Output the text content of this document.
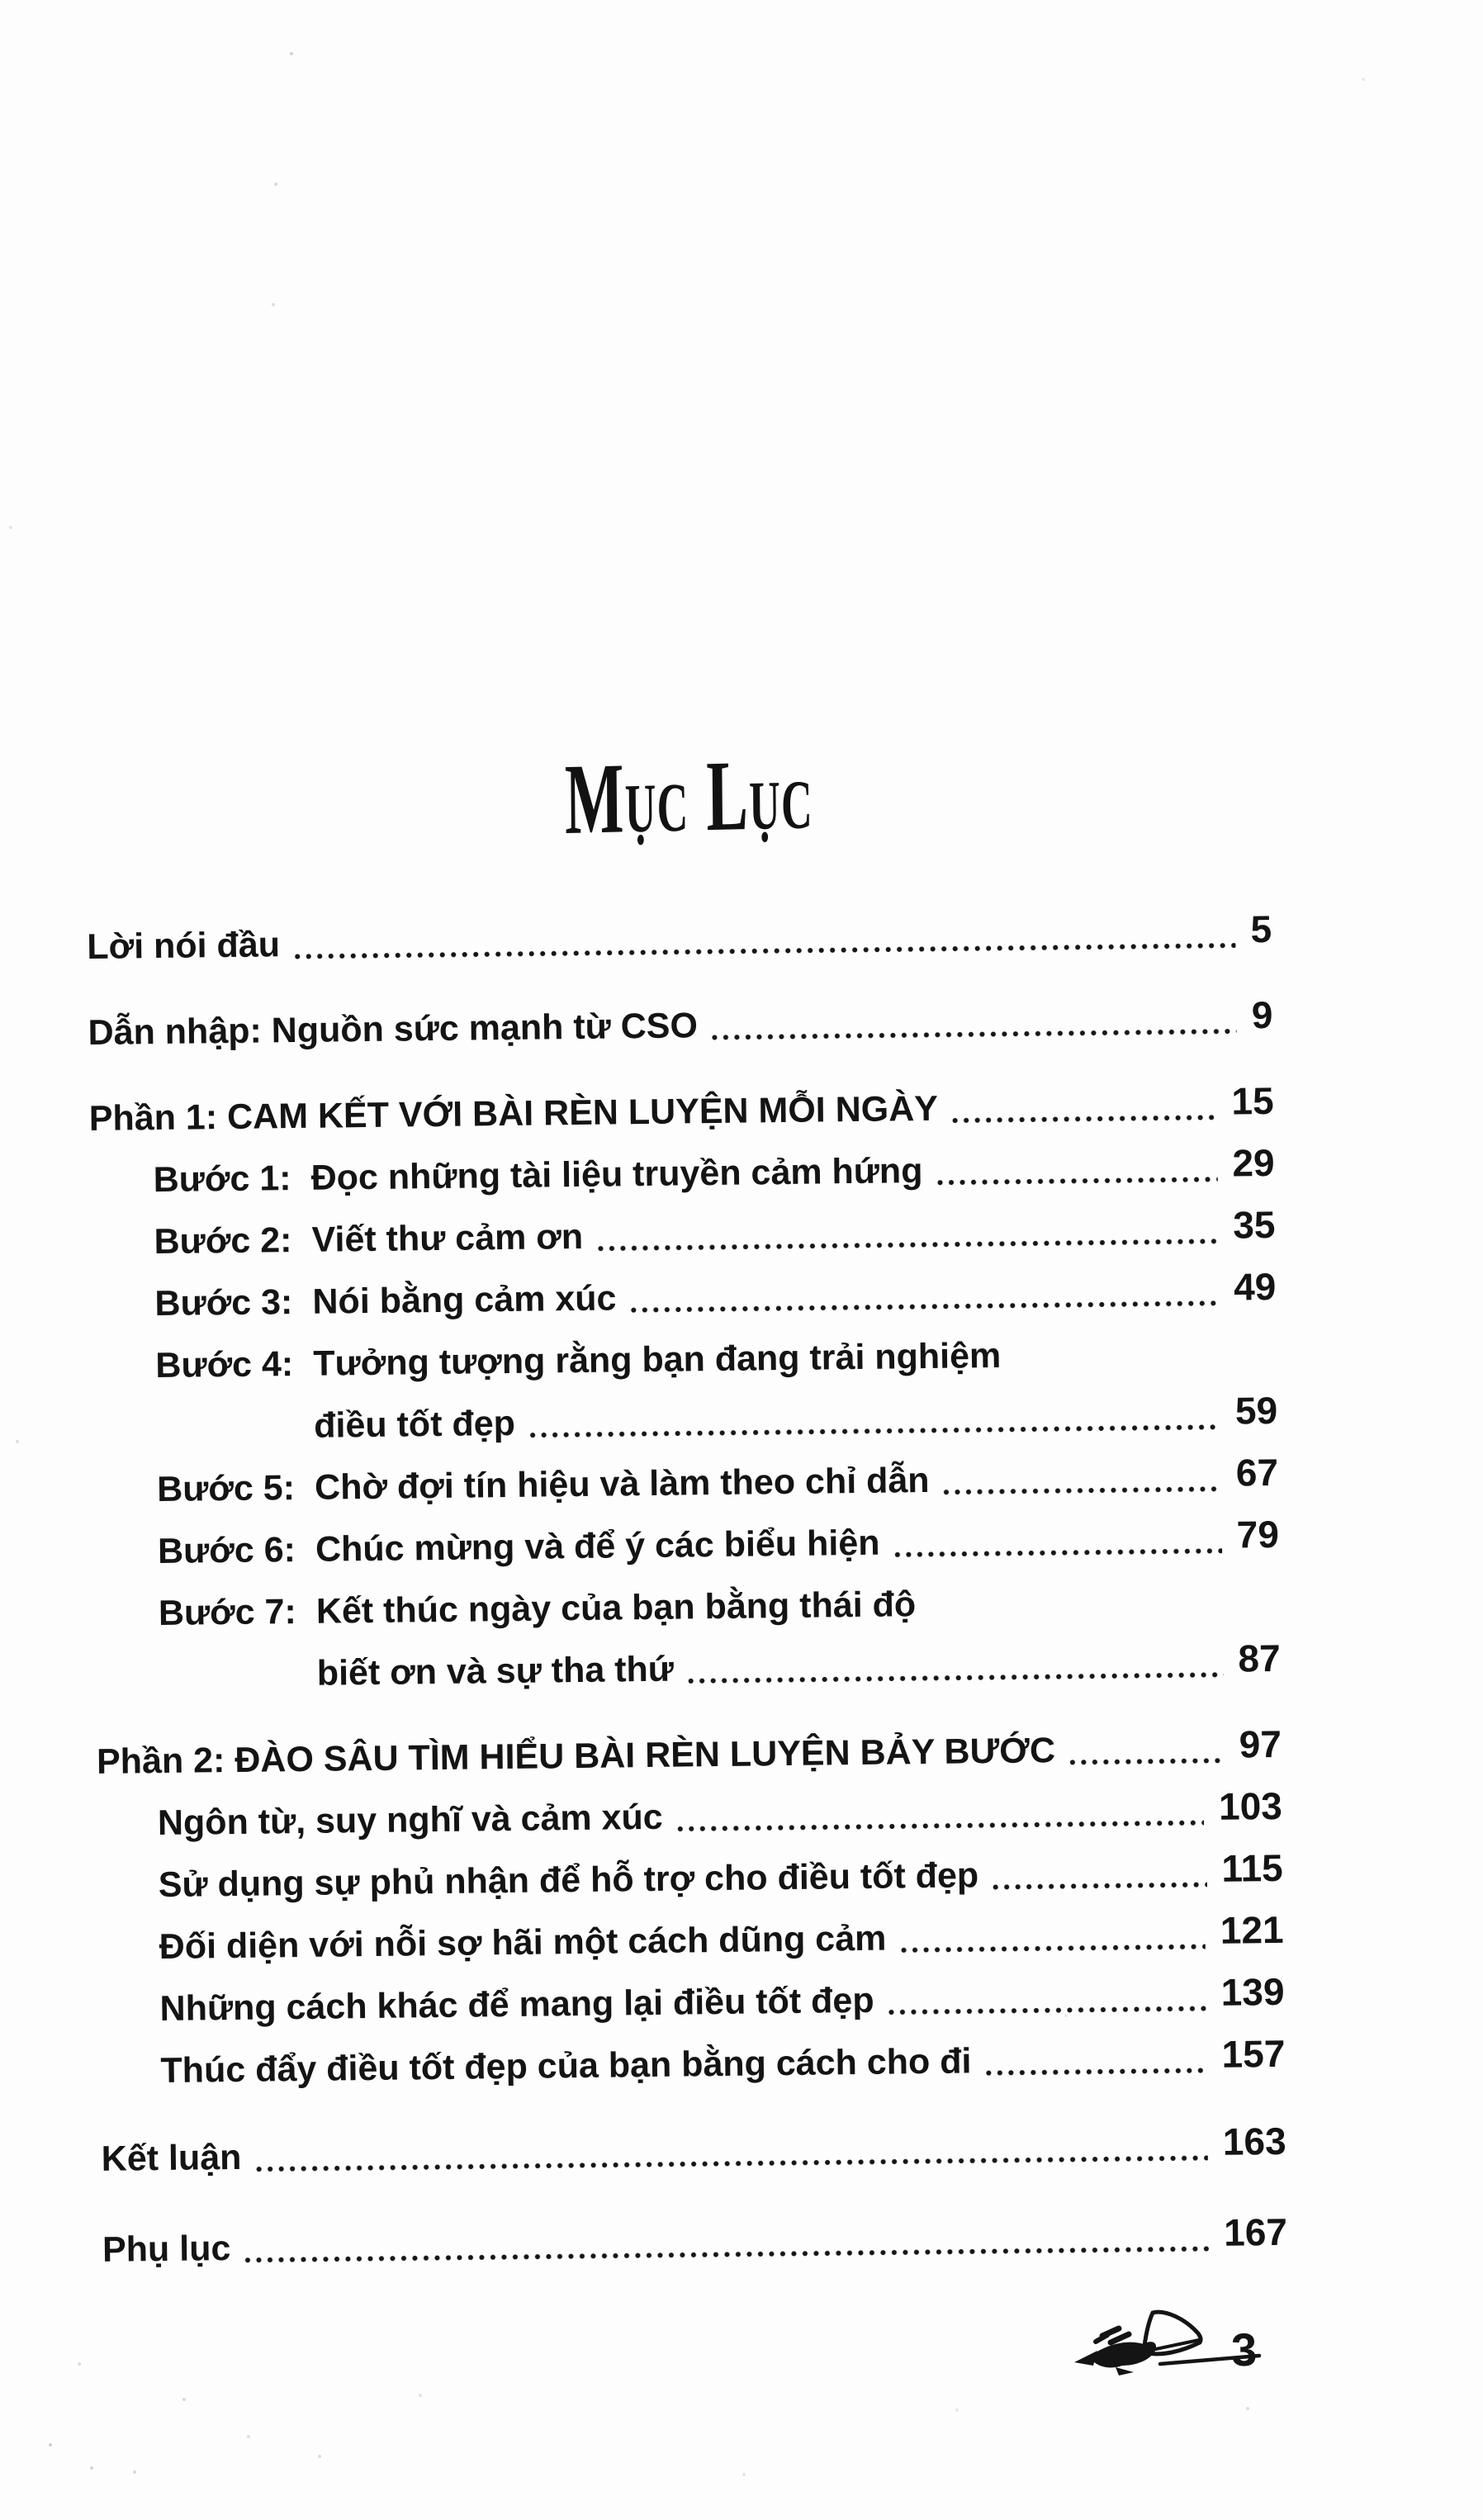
MỤC LỤC
Lời nói đầu	5
Dẫn nhập: Nguồn sức mạnh từ CSO	9
Phần 1: CAM KẾT VỚI BÀI RÈN LUYỆN MỖI NGÀY	15
Bước 1: Đọc những tài liệu truyền cảm hứng	29
Bước 2: Viết thư cảm ơn	35
Bước 3: Nói bằng cảm xúc	49
Bước 4: Tưởng tượng rằng bạn đang trải nghiệm
điều tốt đẹp	59
Bước 5: Chờ đợi tín hiệu và làm theo chỉ dẫn	67
Bước 6: Chúc mừng và để ý các biểu hiện	79
Bước 7: Kết thúc ngày của bạn bằng thái độ
biết ơn và sự tha thứ	87
Phần 2: ĐÀO SÂU TÌM HIỂU BÀI RÈN LUYỆN BẢY BƯỚC	97
Ngôn từ, suy nghĩ và cảm xúc	103
Sử dụng sự phủ nhận để hỗ trợ cho điều tốt đẹp	115
Đối diện với nỗi sợ hãi một cách dũng cảm	121
Những cách khác để mang lại điều tốt đẹp	139
Thúc đẩy điều tốt đẹp của bạn bằng cách cho đi	157
Kết luận	163
Phụ lục	167
3
